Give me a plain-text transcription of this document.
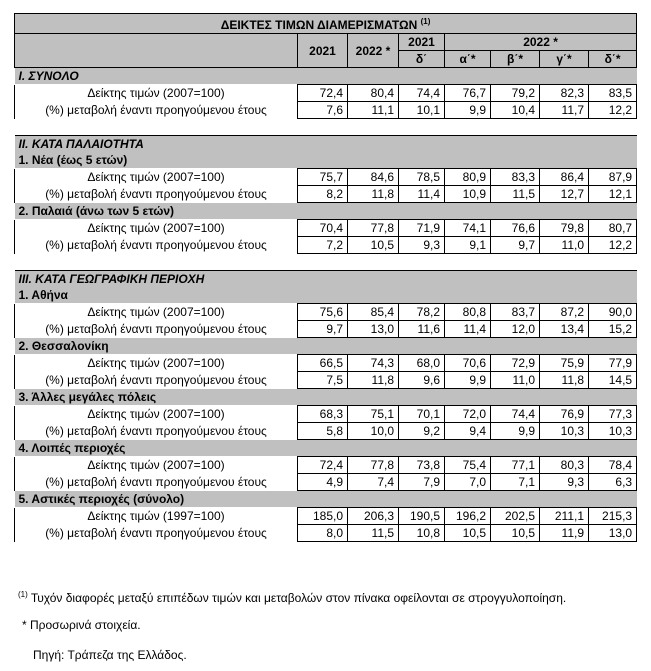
ΔΕΙΚΤΕΣ ΤΙΜΩΝ ΔΙΑΜΕΡΙΣΜΑΤΩΝ $^{(1)}$
	2021	2022 *	2021	2022 *			
			δ΄	α΄*	β΄*	γ΄*	δ΄*
I. ΣΥΝΟΛΟ							
Δείκτης τιμών (2007=100)	72,4	80,4	74,4	76,7	79,2	82,3	83,5
(%) μεταβολή έναντι προηγούμενου έτους	7,6	11,1	10,1	9,9	10,4	11,7	12,2

II. ΚΑΤΑ ΠΑΛΑΙΟΤΗΤΑ							
1. Νέα (έως 5 ετών)							
Δείκτης τιμών (2007=100)	75,7	84,6	78,5	80,9	83,3	86,4	87,9
(%) μεταβολή έναντι προηγούμενου έτους	8,2	11,8	11,4	10,9	11,5	12,7	12,1
2. Παλαιά (άνω των 5 ετών)							
Δείκτης τιμών (2007=100)	70,4	77,8	71,9	74,1	76,6	79,8	80,7
(%) μεταβολή έναντι προηγούμενου έτους	7,2	10,5	9,3	9,1	9,7	11,0	12,2

III. ΚΑΤΑ ΓΕΩΓΡΑΦΙΚΗ ΠΕΡΙΟΧΗ							
1. Αθήνα							
Δείκτης τιμών (2007=100)	75,6	85,4	78,2	80,8	83,7	87,2	90,0
(%) μεταβολή έναντι προηγούμενου έτους	9,7	13,0	11,6	11,4	12,0	13,4	15,2
2. Θεσσαλονίκη							
Δείκτης τιμών (2007=100)	66,5	74,3	68,0	70,6	72,9	75,9	77,9
(%) μεταβολή έναντι προηγούμενου έτους	7,5	11,8	9,6	9,9	11,0	11,8	14,5
3. Άλλες μεγάλες πόλεις							
Δείκτης τιμών (2007=100)	68,3	75,1	70,1	72,0	74,4	76,9	77,3
(%) μεταβολή έναντι προηγούμενου έτους	5,8	10,0	9,2	9,4	9,9	10,3	10,3
4. Λοιπές περιοχές							
Δείκτης τιμών (2007=100)	72,4	77,8	73,8	75,4	77,1	80,3	78,4
(%) μεταβολή έναντι προηγούμενου έτους	4,9	7,4	7,9	7,0	7,1	9,3	6,3
5. Αστικές περιοχές (σύνολο)							
Δείκτης τιμών (1997=100)	185,0	206,3	190,5	196,2	202,5	211,1	215,3
(%) μεταβολή έναντι προηγούμενου έτους	8,0	11,5	10,8	10,5	10,5	11,9	13,0
$^{(1)}$ Τυχόν διαφορές μεταξύ επιπέδων τιμών και μεταβολών στον πίνακα οφείλονται σε στρογγυλοποίηση.
* Προσωρινά στοιχεία.
Πηγή: Τράπεζα της Ελλάδος.
